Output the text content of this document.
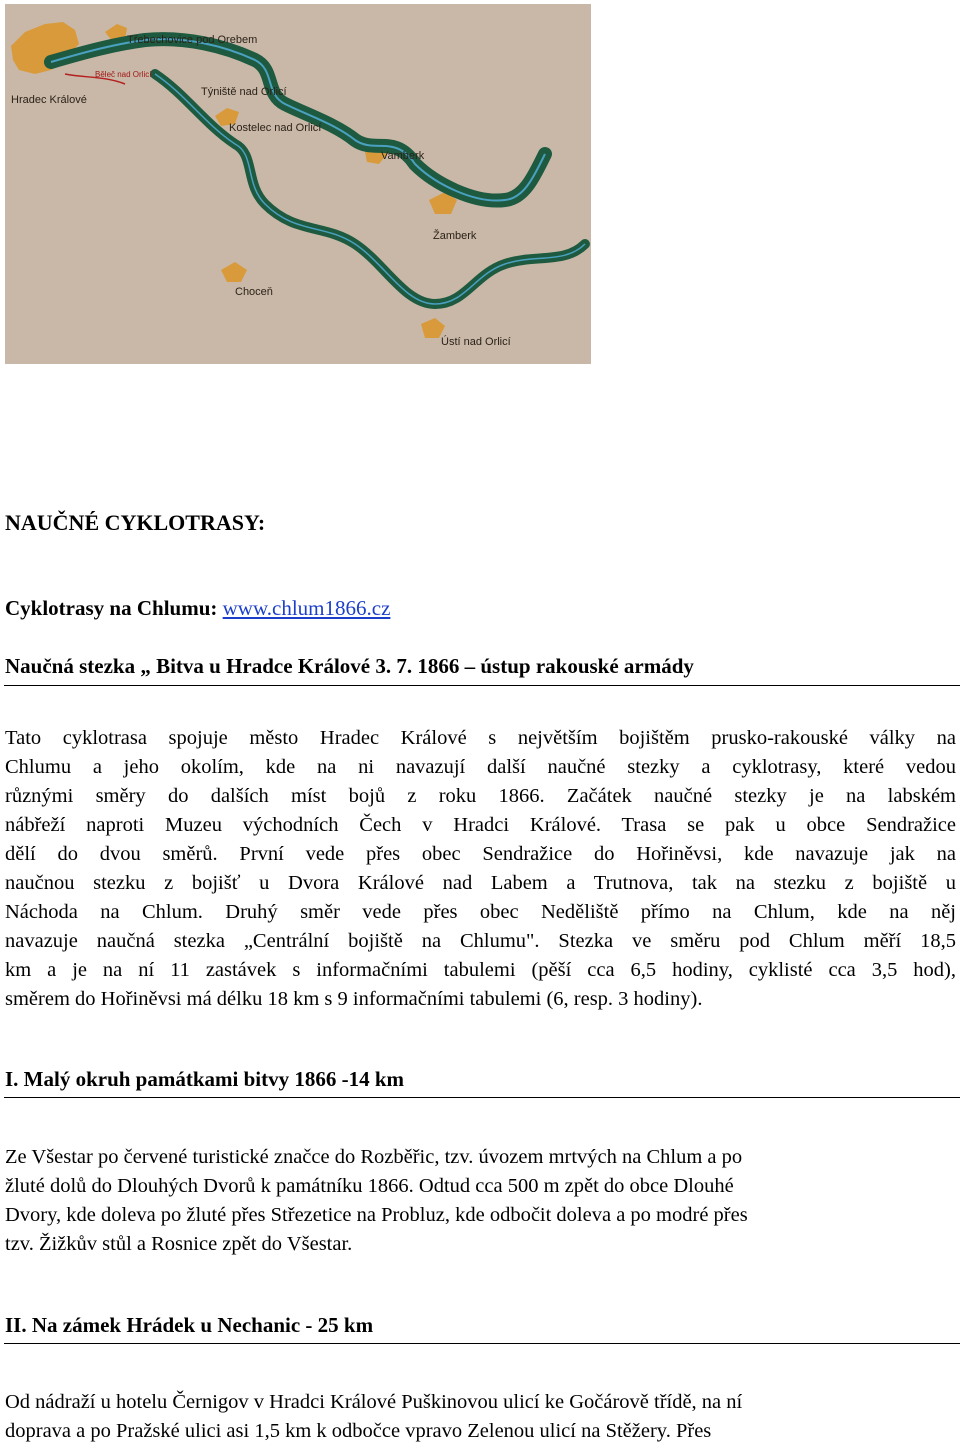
Třebechovice pod Orebem
Běleč nad Orlicí
Hradec Králové
Týniště nad Orlicí
Kostelec nad Orlicí
Vamberk
Žamberk
Choceň
Ústí nad Orlicí
NAUČNÉ CYKLOTRASY:
Cyklotrasy na Chlumu: www.chlum1866.cz
Naučná stezka „ Bitva u Hradce Králové 3. 7. 1866 – ústup rakouské armády
Tato cyklotrasa spojuje město Hradec Králové s největším bojištěm prusko-rakouské války na
Chlumu a jeho okolím, kde na ni navazují další naučné stezky a cyklotrasy, které vedou
různými směry do dalších míst bojů z roku 1866. Začátek naučné stezky je na labském
nábřeží naproti Muzeu východních Čech v Hradci Králové. Trasa se pak u obce Sendražice
dělí do dvou směrů. První vede přes obec Sendražice do Hořiněvsi, kde navazuje jak na
naučnou stezku z bojišť u Dvora Králové nad Labem a Trutnova, tak na stezku z bojiště u
Náchoda na Chlum. Druhý směr vede přes obec Neděliště přímo na Chlum, kde na něj
navazuje naučná stezka „Centrální bojiště na Chlumu". Stezka ve směru pod Chlum měří 18,5
km a je na ní 11 zastávek s informačními tabulemi (pěší cca 6,5 hodiny, cyklisté cca 3,5 hod),
směrem do Hořiněvsi má délku 18 km s 9 informačními tabulemi (6, resp. 3 hodiny).
I. Malý okruh památkami bitvy 1866 -14 km
Ze Všestar po červené turistické značce do Rozběřic, tzv. úvozem mrtvých na Chlum a po
žluté dolů do Dlouhých Dvorů k památníku 1866. Odtud cca 500 m zpět do obce Dlouhé
Dvory, kde doleva po žluté přes Střezetice na Probluz, kde odbočit doleva a po modré přes
tzv. Žižkův stůl a Rosnice zpět do Všestar.
II. Na zámek Hrádek u Nechanic - 25 km
Od nádraží u hotelu Černigov v Hradci Králové Puškinovou ulicí ke Gočárově třídě, na ní
doprava a po Pražské ulici asi 1,5 km k odbočce vpravo Zelenou ulicí na Stěžery. Přes
